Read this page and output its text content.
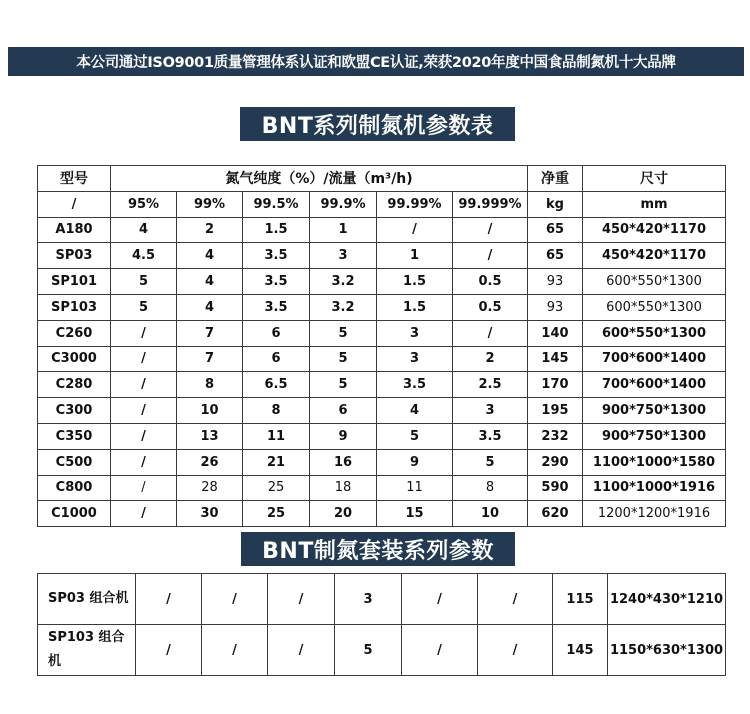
本公司通过ISO9001质量管理体系认证和欧盟CE认证,荣获2020年度中国食品制氮机十大品牌
BNT系列制氮机参数表
型号	氮气纯度（%）/流量（m³/h)						净重	尺寸
/	95%	99%	99.5%	99.9%	99.99%	99.999%	kg	mm
A180	4	2	1.5	1	/	/	65	450*420*1170
SP03	4.5	4	3.5	3	1	/	65	450*420*1170
SP101	5	4	3.5	3.2	1.5	0.5	93	600*550*1300
SP103	5	4	3.5	3.2	1.5	0.5	93	600*550*1300
C260	/	7	6	5	3	/	140	600*550*1300
C3000	/	7	6	5	3	2	145	700*600*1400
C280	/	8	6.5	5	3.5	2.5	170	700*600*1400
C300	/	10	8	6	4	3	195	900*750*1300
C350	/	13	11	9	5	3.5	232	900*750*1300
C500	/	26	21	16	9	5	290	1100*1000*1580
C800	/	28	25	18	11	8	590	1100*1000*1916
C1000	/	30	25	20	15	10	620	1200*1200*1916
BNT制氮套装系列参数
SP03 组合机	/	/	/	3	/	/	115	1240*430*1210
SP103 组合机	/	/	/	5	/	/	145	1150*630*1300
